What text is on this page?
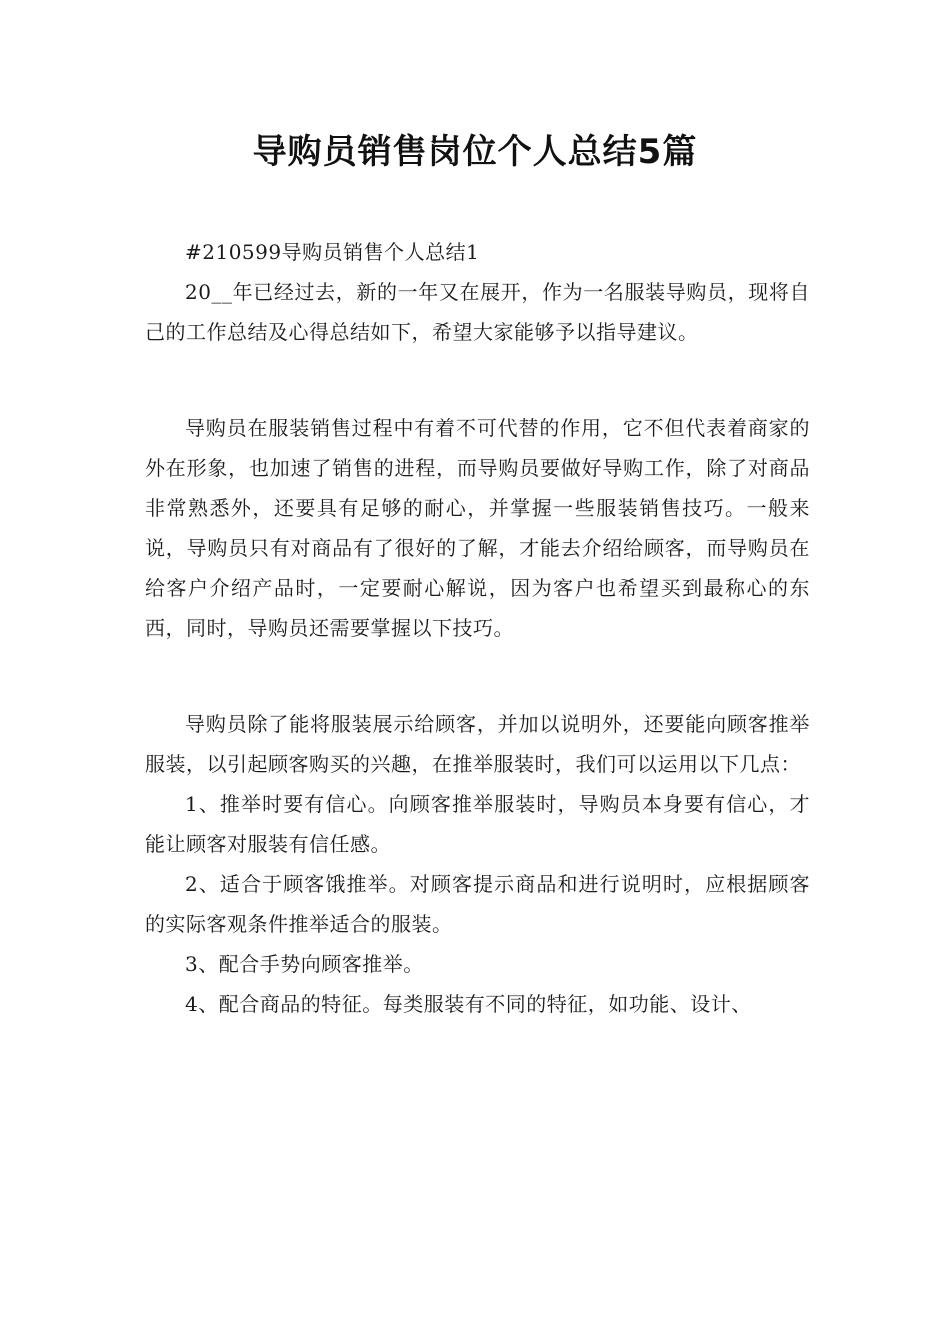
导购员销售岗位个人总结5篇

#210599导购员销售个人总结1

20__年已经过去，新的一年又在展开，作为一名服装导购员，现将自己的工作总结及心得总结如下，希望大家能够予以指导建议。

导购员在服装销售过程中有着不可代替的作用，它不但代表着商家的外在形象，也加速了销售的进程，而导购员要做好导购工作，除了对商品非常熟悉外，还要具有足够的耐心，并掌握一些服装销售技巧。一般来说，导购员只有对商品有了很好的了解，才能去介绍给顾客，而导购员在给客户介绍产品时，一定要耐心解说，因为客户也希望买到最称心的东西，同时，导购员还需要掌握以下技巧。

导购员除了能将服装展示给顾客，并加以说明外，还要能向顾客推举服装，以引起顾客购买的兴趣，在推举服装时，我们可以运用以下几点：

1、推举时要有信心。向顾客推举服装时，导购员本身要有信心，才能让顾客对服装有信任感。

2、适合于顾客饿推举。对顾客提示商品和进行说明时，应根据顾客的实际客观条件推举适合的服装。

3、配合手势向顾客推举。

4、配合商品的特征。每类服装有不同的特征，如功能、设计、
